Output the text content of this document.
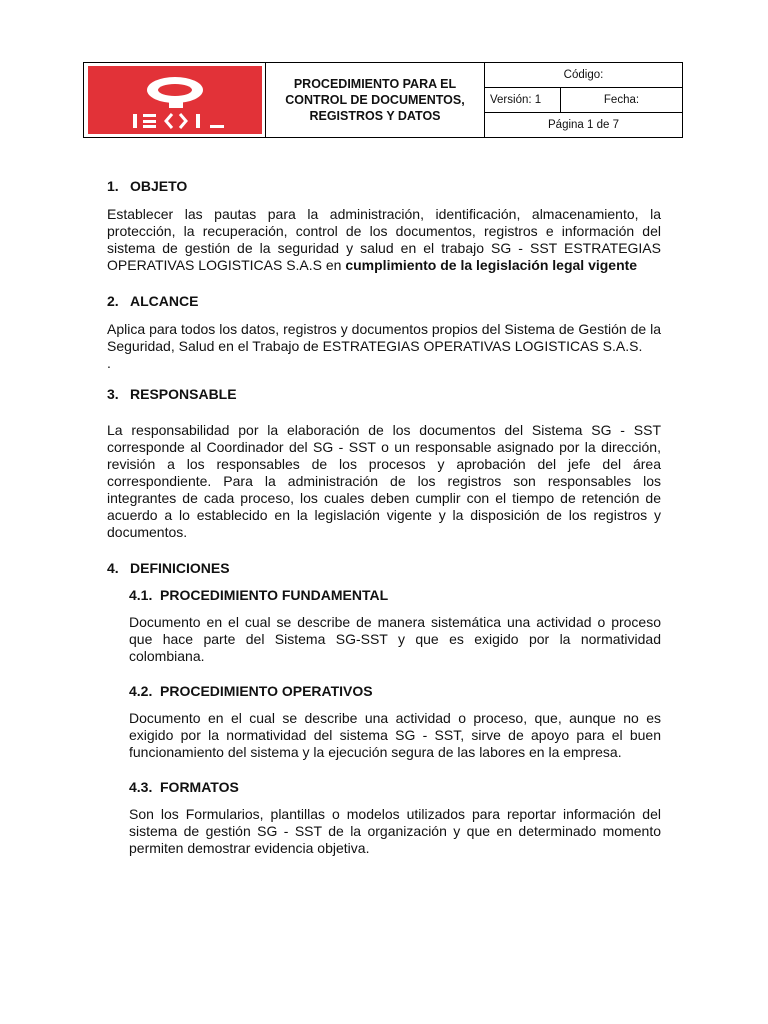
PROCEDIMIENTO PARA EL
CONTROL DE DOCUMENTOS,
REGISTROS Y DATOS
Código:
Versión: 1	Fecha:
Página 1 de 7
1. OBJETO

Establecer las pautas para la administración, identificación, almacenamiento, la protección, la recuperación, control de los documentos, registros e información del sistema de gestión de la seguridad y salud en el trabajo SG - SST ESTRATEGIAS OPERATIVAS LOGISTICAS S.A.S en cumplimiento de la legislación legal vigente

2. ALCANCE

Aplica para todos los datos, registros y documentos propios del Sistema de Gestión de la Seguridad, Salud en el Trabajo de ESTRATEGIAS OPERATIVAS LOGISTICAS S.A.S.

.

3. RESPONSABLE

La responsabilidad por la elaboración de los documentos del Sistema SG - SST corresponde al Coordinador del SG - SST o un responsable asignado por la dirección, revisión a los responsables de los procesos y aprobación del jefe del área correspondiente. Para la administración de los registros son responsables los integrantes de cada proceso, los cuales deben cumplir con el tiempo de retención de acuerdo a lo establecido en la legislación vigente y la disposición de los registros y documentos.

4. DEFINICIONES
4.1. PROCEDIMIENTO FUNDAMENTAL

Documento en el cual se describe de manera sistemática una actividad o proceso que hace parte del Sistema SG-SST y que es exigido por la normatividad colombiana.

4.2. PROCEDIMIENTO OPERATIVOS

Documento en el cual se describe una actividad o proceso, que, aunque no es exigido por la normatividad del sistema SG - SST, sirve de apoyo para el buen funcionamiento del sistema y la ejecución segura de las labores en la empresa.

4.3. FORMATOS

Son los Formularios, plantillas o modelos utilizados para reportar información del sistema de gestión SG - SST de la organización y que en determinado momento permiten demostrar evidencia objetiva.
